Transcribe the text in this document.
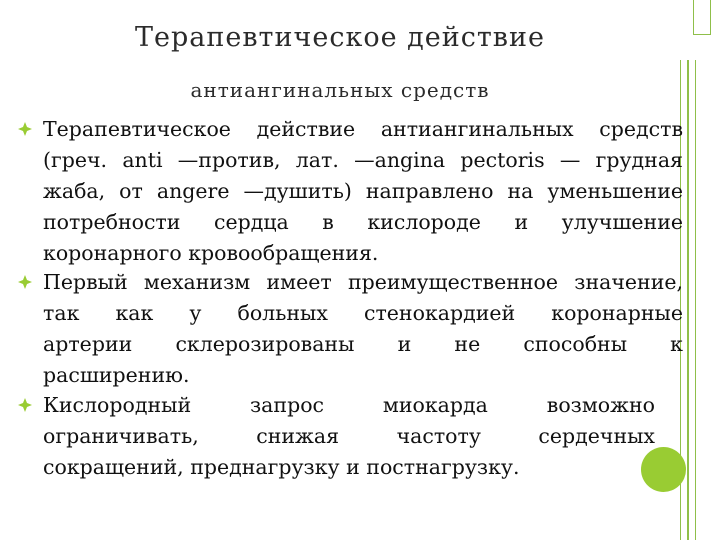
Терапевтическое действие
антиангинальных средств
Терапевтическое действие антиангинальных средств
(греч. anti —против, лат. —angina pectoris — грудная
жаба, от angere —душить) направлено на уменьшение
потребности сердца в кислороде и улучшение
коронарного кровообращения.
Первый механизм имеет преимущественное значение,
так как у больных стенокардией коронарные
артерии склерозированы и не способны к
расширению.
Кислородный запрос миокарда возможно
ограничивать, снижая частоту сердечных
сокращений, преднагрузку и постнагрузку.
